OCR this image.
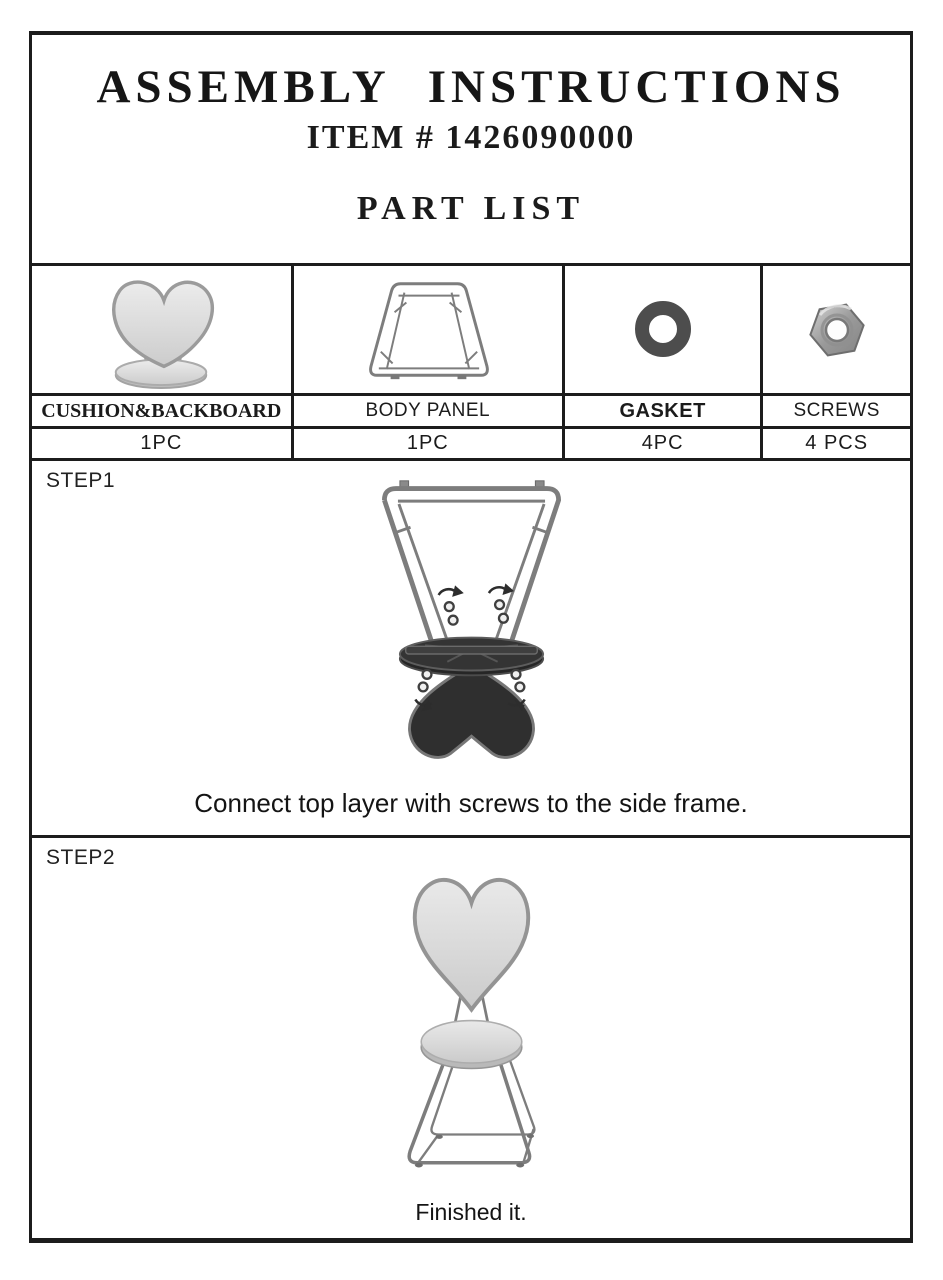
ASSEMBLY INSTRUCTIONS
ITEM # 1426090000
PART LIST
CUSHION&BACKBOARD	BODY PANEL	GASKET	SCREWS
1PC	1PC	4PC	4 PCS
STEP1
Connect top layer with screws to the side frame.
STEP2
Finished it.
